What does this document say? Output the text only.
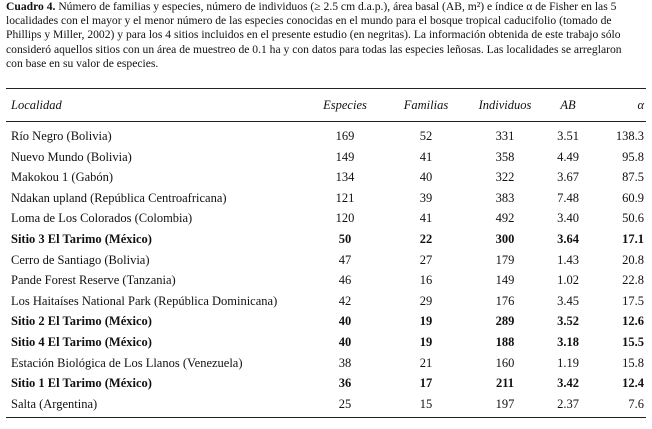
Cuadro 4. Número de familias y especies, número de individuos (≥ 2.5 cm d.a.p.), área basal (AB, m²) e índice α de Fisher en las 5
localidades con el mayor y el menor número de las especies conocidas en el mundo para el bosque tropical caducifolio (tomado de
Phillips y Miller, 2002) y para los 4 sitios incluidos en el presente estudio (en negritas). La información obtenida de este trabajo sólo
consideró aquellos sitios con un área de muestreo de 0.1 ha y con datos para todas las especies leñosas. Las localidades se arreglaron
con base en su valor de especies.
Localidad	Especies	Familias	Individuos	AB	α
Río Negro (Bolivia)	169	52	331	3.51	138.3
Nuevo Mundo (Bolivia)	149	41	358	4.49	95.8
Makokou 1 (Gabón)	134	40	322	3.67	87.5
Ndakan upland (República Centroafricana)	121	39	383	7.48	60.9
Loma de Los Colorados (Colombia)	120	41	492	3.40	50.6
Sitio 3 El Tarimo (México)	50	22	300	3.64	17.1
Cerro de Santiago (Bolivia)	47	27	179	1.43	20.8
Pande Forest Reserve (Tanzania)	46	16	149	1.02	22.8
Los Haitaíses National Park (República Dominicana)	42	29	176	3.45	17.5
Sitio 2 El Tarimo (México)	40	19	289	3.52	12.6
Sitio 4 El Tarimo (México)	40	19	188	3.18	15.5
Estación Biológica de Los Llanos (Venezuela)	38	21	160	1.19	15.8
Sitio 1 El Tarimo (México)	36	17	211	3.42	12.4
Salta (Argentina)	25	15	197	2.37	7.6
